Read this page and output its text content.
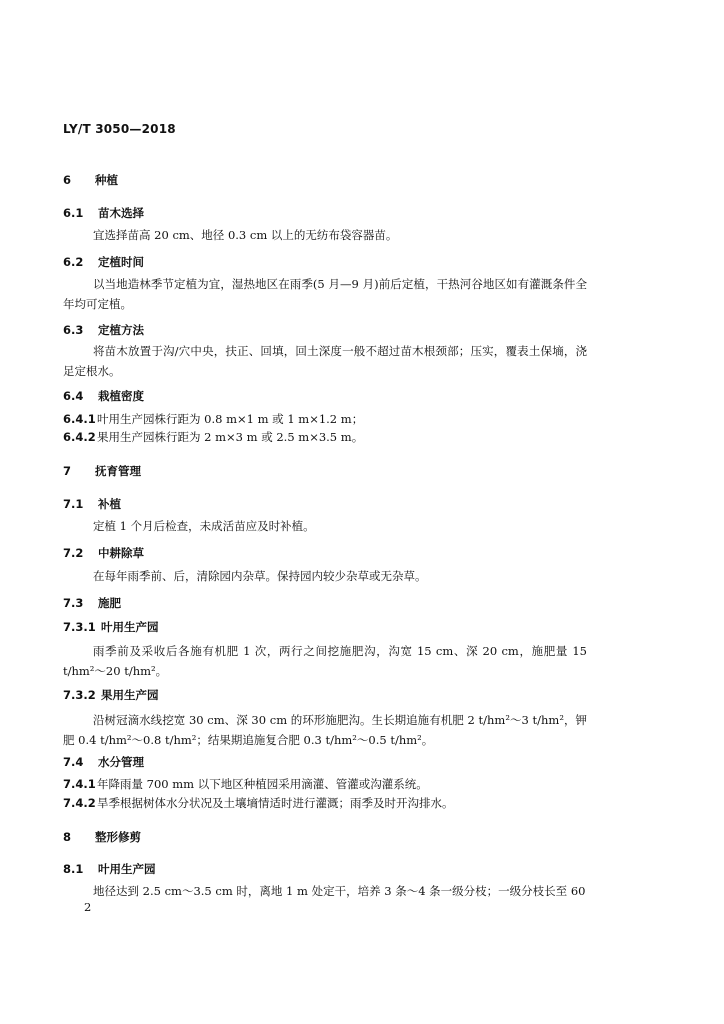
LY/T 3050—2018
6 种植
6.1 苗木选择
宜选择苗高 20 cm、地径 0.3 cm 以上的无纺布袋容器苗。
6.2 定植时间
以当地造林季节定植为宜，湿热地区在雨季(5 月—9 月)前后定植，干热河谷地区如有灌溉条件全年均可定植。
6.3 定植方法
将苗木放置于沟/穴中央，扶正、回填，回土深度一般不超过苗木根颈部；压实，覆表土保墒，浇足定根水。
6.4 栽植密度
6.4.1叶用生产园株行距为 0.8 m×1 m 或 1 m×1.2 m；
6.4.2果用生产园株行距为 2 m×3 m 或 2.5 m×3.5 m。
7 抚育管理
7.1 补植
定植 1 个月后检查，未成活苗应及时补植。
7.2 中耕除草
在每年雨季前、后，清除园内杂草。保持园内较少杂草或无杂草。
7.3 施肥
7.3.1 叶用生产园
雨季前及采收后各施有机肥 1 次，两行之间挖施肥沟，沟宽 15 cm、深 20 cm，施肥量 15 t/hm²～20 t/hm²。
7.3.2 果用生产园
沿树冠滴水线挖宽 30 cm、深 30 cm 的环形施肥沟。生长期追施有机肥 2 t/hm²～3 t/hm²，钾肥 0.4 t/hm²～0.8 t/hm²；结果期追施复合肥 0.3 t/hm²～0.5 t/hm²。
7.4 水分管理
7.4.1年降雨量 700 mm 以下地区种植园采用滴灌、管灌或沟灌系统。
7.4.2旱季根据树体水分状况及土壤墒情适时进行灌溉；雨季及时开沟排水。
8 整形修剪
8.1 叶用生产园
地径达到 2.5 cm～3.5 cm 时，离地 1 m 处定干，培养 3 条～4 条一级分枝；一级分枝长至 60
2
